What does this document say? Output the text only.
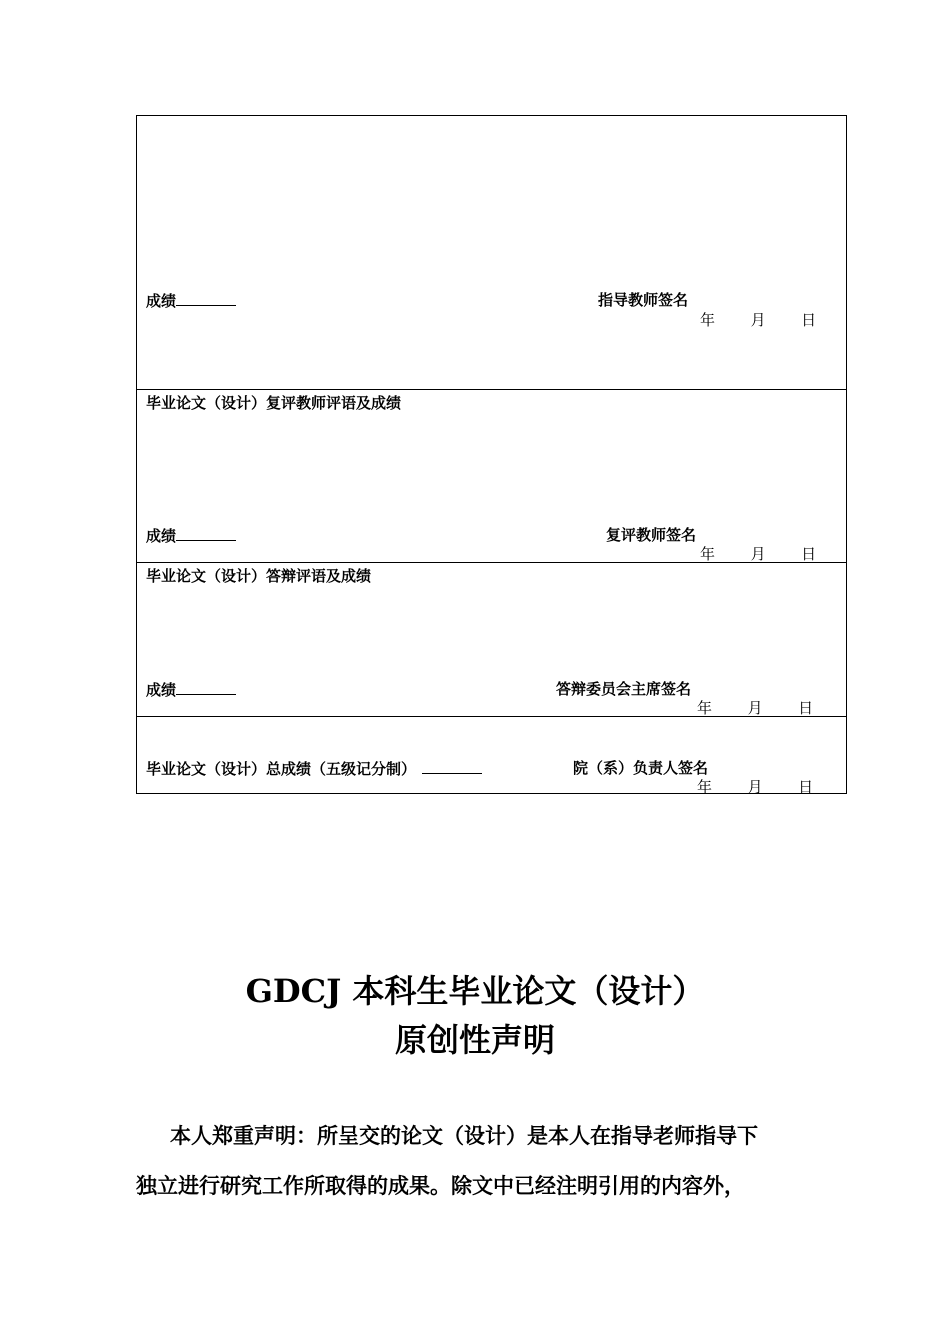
成绩	指导教师签名
年 月 日
毕业论文（设计）复评教师评语及成绩
成绩	复评教师签名
年 月 日
毕业论文（设计）答辩评语及成绩
成绩	答辩委员会主席签名
年 月 日
毕业论文（设计）总成绩（五级记分制）	院（系）负责人签名
年 月 日
GDCJ 本科生毕业论文（设计）
原创性声明
本人郑重声明：所呈交的论文（设计）是本人在指导老师指导下
独立进行研究工作所取得的成果。除文中已经注明引用的内容外，
